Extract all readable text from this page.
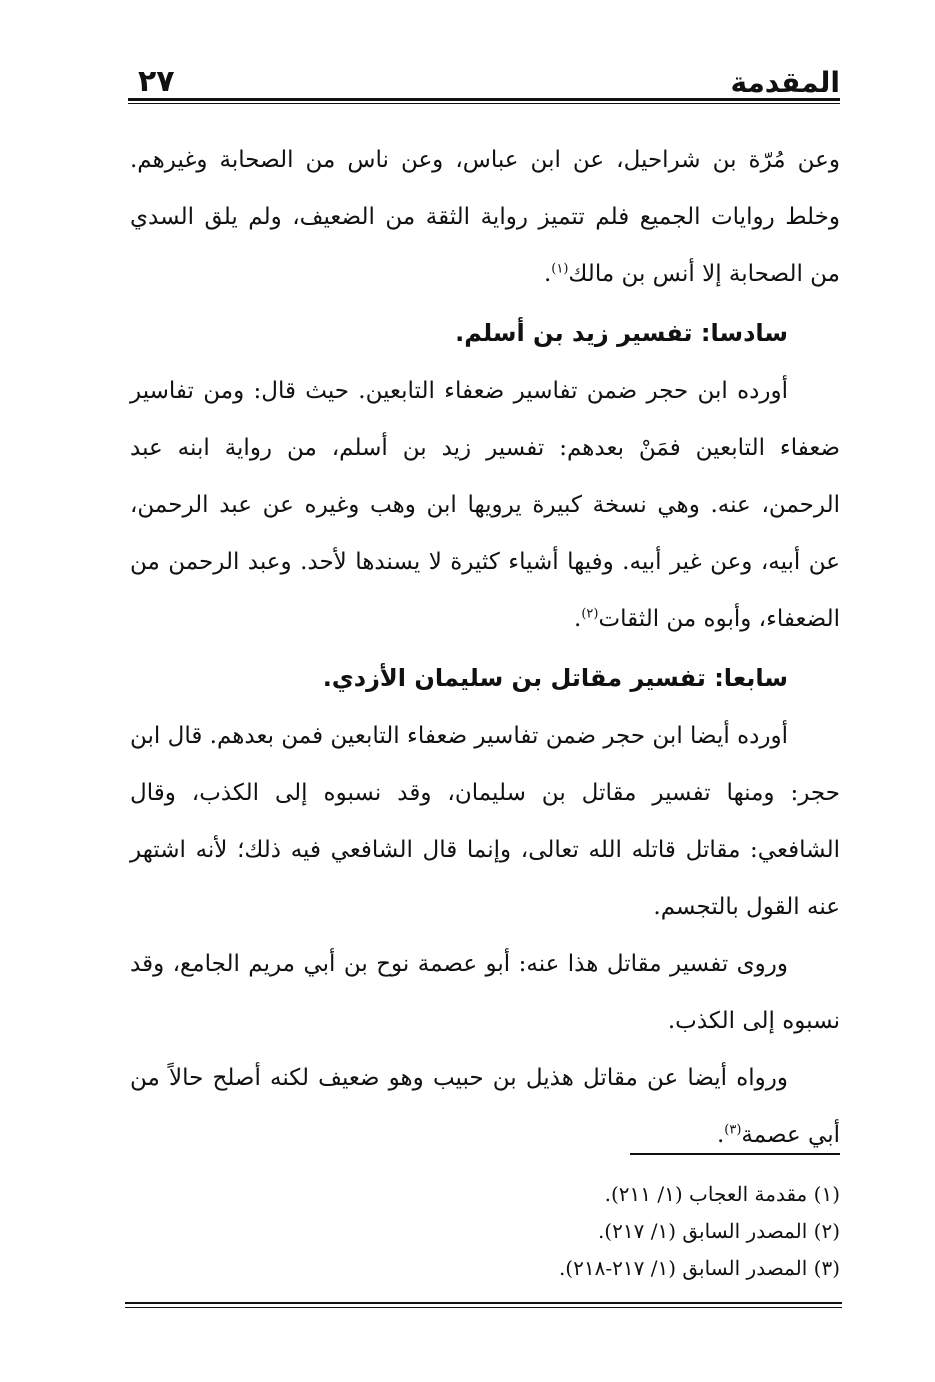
٢٧	المقدمة

وعن مُرّة بن شراحيل، عن ابن عباس، وعن ناس من الصحابة وغيرهم. وخلط روايات الجميع فلم تتميز رواية الثقة من الضعيف، ولم يلق السدي من الصحابة إلا أنس بن مالك$^{(١)}$.

سادسا: تفسير زيد بن أسلم.

أورده ابن حجر ضمن تفاسير ضعفاء التابعين. حيث قال: ومن تفاسير ضعفاء التابعين فمَنْ بعدهم: تفسير زيد بن أسلم، من رواية ابنه عبد الرحمن، عنه. وهي نسخة كبيرة يرويها ابن وهب وغيره عن عبد الرحمن، عن أبيه، وعن غير أبيه. وفيها أشياء كثيرة لا يسندها لأحد. وعبد الرحمن من الضعفاء، وأبوه من الثقات$^{(٢)}$.

سابعا: تفسير مقاتل بن سليمان الأزدي.

أورده أيضا ابن حجر ضمن تفاسير ضعفاء التابعين فمن بعدهم. قال ابن حجر: ومنها تفسير مقاتل بن سليمان، وقد نسبوه إلى الكذب، وقال الشافعي: مقاتل قاتله الله تعالى، وإنما قال الشافعي فيه ذلك؛ لأنه اشتهر عنه القول بالتجسم.

وروى تفسير مقاتل هذا عنه: أبو عصمة نوح بن أبي مريم الجامع، وقد نسبوه إلى الكذب.

ورواه أيضا عن مقاتل هذيل بن حبيب وهو ضعيف لكنه أصلح حالاً من أبي عصمة$^{(٣)}$.

(١) مقدمة العجاب (١/ ٢١١).
(٢) المصدر السابق (١/ ٢١٧).
(٣) المصدر السابق (١/ ٢١٧-٢١٨).
